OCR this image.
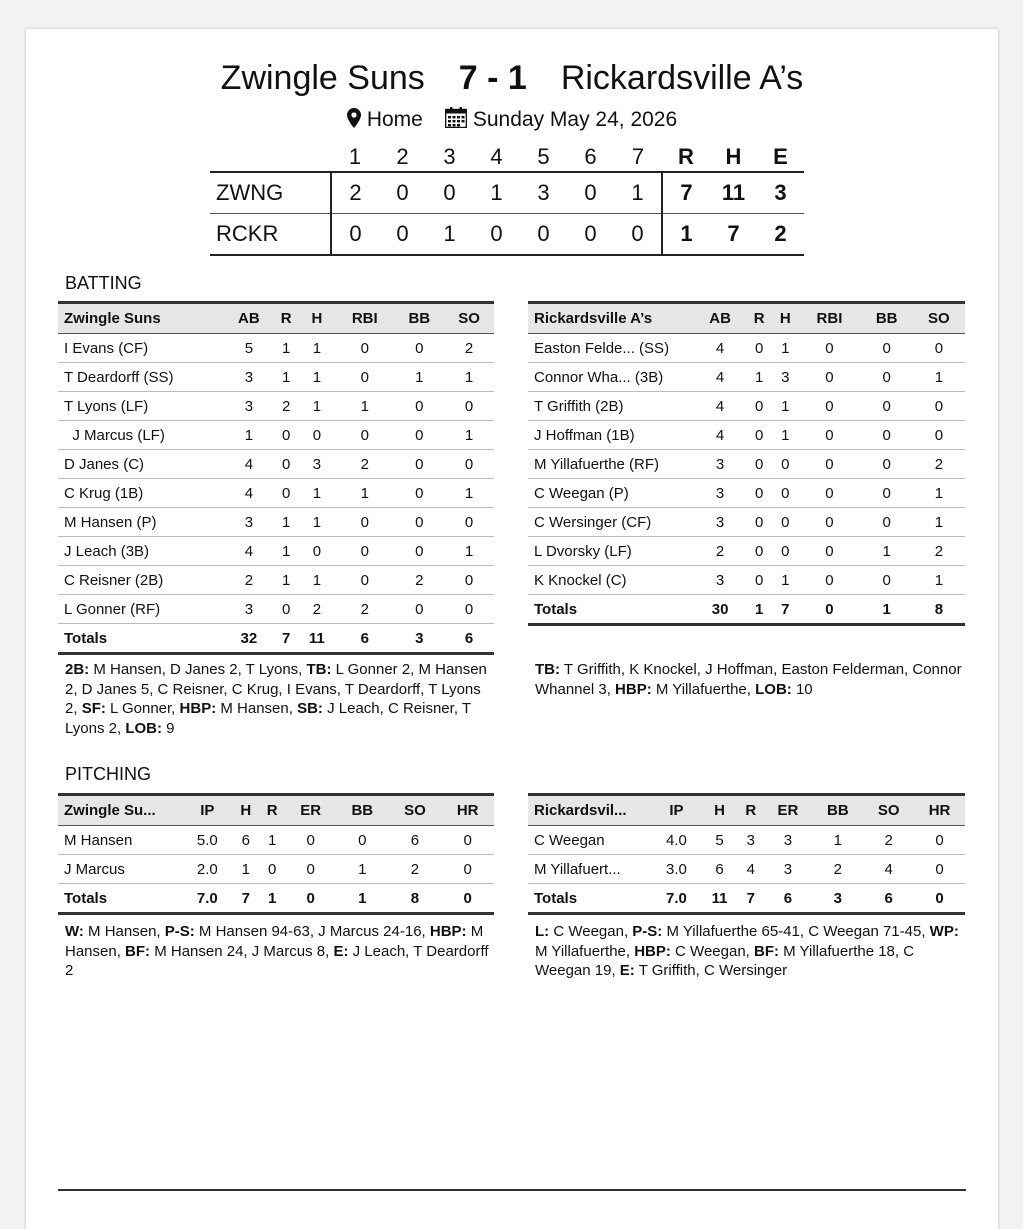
Zwingle Suns 7 - 1 Rickardsville A’s
Home Sunday May 24, 2026
	1	2	3	4	5	6	7	R	H	E
ZWNG	2	0	0	1	3	0	1	7	11	3
RCKR	0	0	1	0	0	0	0	1	7	2
BATTING
Zwingle Suns	AB	R	H	RBI	BB	SO
I Evans (CF)	5	1	1	0	0	2
T Deardorff (SS)	3	1	1	0	1	1
T Lyons (LF)	3	2	1	1	0	0
J Marcus (LF)	1	0	0	0	0	1
D Janes (C)	4	0	3	2	0	0
C Krug (1B)	4	0	1	1	0	1
M Hansen (P)	3	1	1	0	0	0
J Leach (3B)	4	1	0	0	0	1
C Reisner (2B)	2	1	1	0	2	0
L Gonner (RF)	3	0	2	2	0	0
Totals	32	7	11	6	3	6
Rickardsville A’s	AB	R	H	RBI	BB	SO
Easton Felde... (SS)	4	0	1	0	0	0
Connor Wha... (3B)	4	1	3	0	0	1
T Griffith (2B)	4	0	1	0	0	0
J Hoffman (1B)	4	0	1	0	0	0
M Yillafuerthe (RF)	3	0	0	0	0	2
C Weegan (P)	3	0	0	0	0	1
C Wersinger (CF)	3	0	0	0	0	1
L Dvorsky (LF)	2	0	0	0	1	2
K Knockel (C)	3	0	1	0	0	1
Totals	30	1	7	0	1	8
2B: M Hansen, D Janes 2, T Lyons, TB: L Gonner 2, M Hansen 2, D Janes 5, C Reisner, C Krug, I Evans, T Deardorff, T Lyons 2, SF: L Gonner, HBP: M Hansen, SB: J Leach, C Reisner, T Lyons 2, LOB: 9
TB: T Griffith, K Knockel, J Hoffman, Easton Felderman, Connor Whannel 3, HBP: M Yillafuerthe, LOB: 10
PITCHING
Zwingle Su...	IP	H	R	ER	BB	SO	HR
M Hansen	5.0	6	1	0	0	6	0
J Marcus	2.0	1	0	0	1	2	0
Totals	7.0	7	1	0	1	8	0
Rickardsvil...	IP	H	R	ER	BB	SO	HR
C Weegan	4.0	5	3	3	1	2	0
M Yillafuert...	3.0	6	4	3	2	4	0
Totals	7.0	11	7	6	3	6	0
W: M Hansen, P-S: M Hansen 94-63, J Marcus 24-16, HBP: M Hansen, BF: M Hansen 24, J Marcus 8, E: J Leach, T Deardorff 2
L: C Weegan, P-S: M Yillafuerthe 65-41, C Weegan 71-45, WP: M Yillafuerthe, HBP: C Weegan, BF: M Yillafuerthe 18, C Weegan 19, E: T Griffith, C Wersinger
